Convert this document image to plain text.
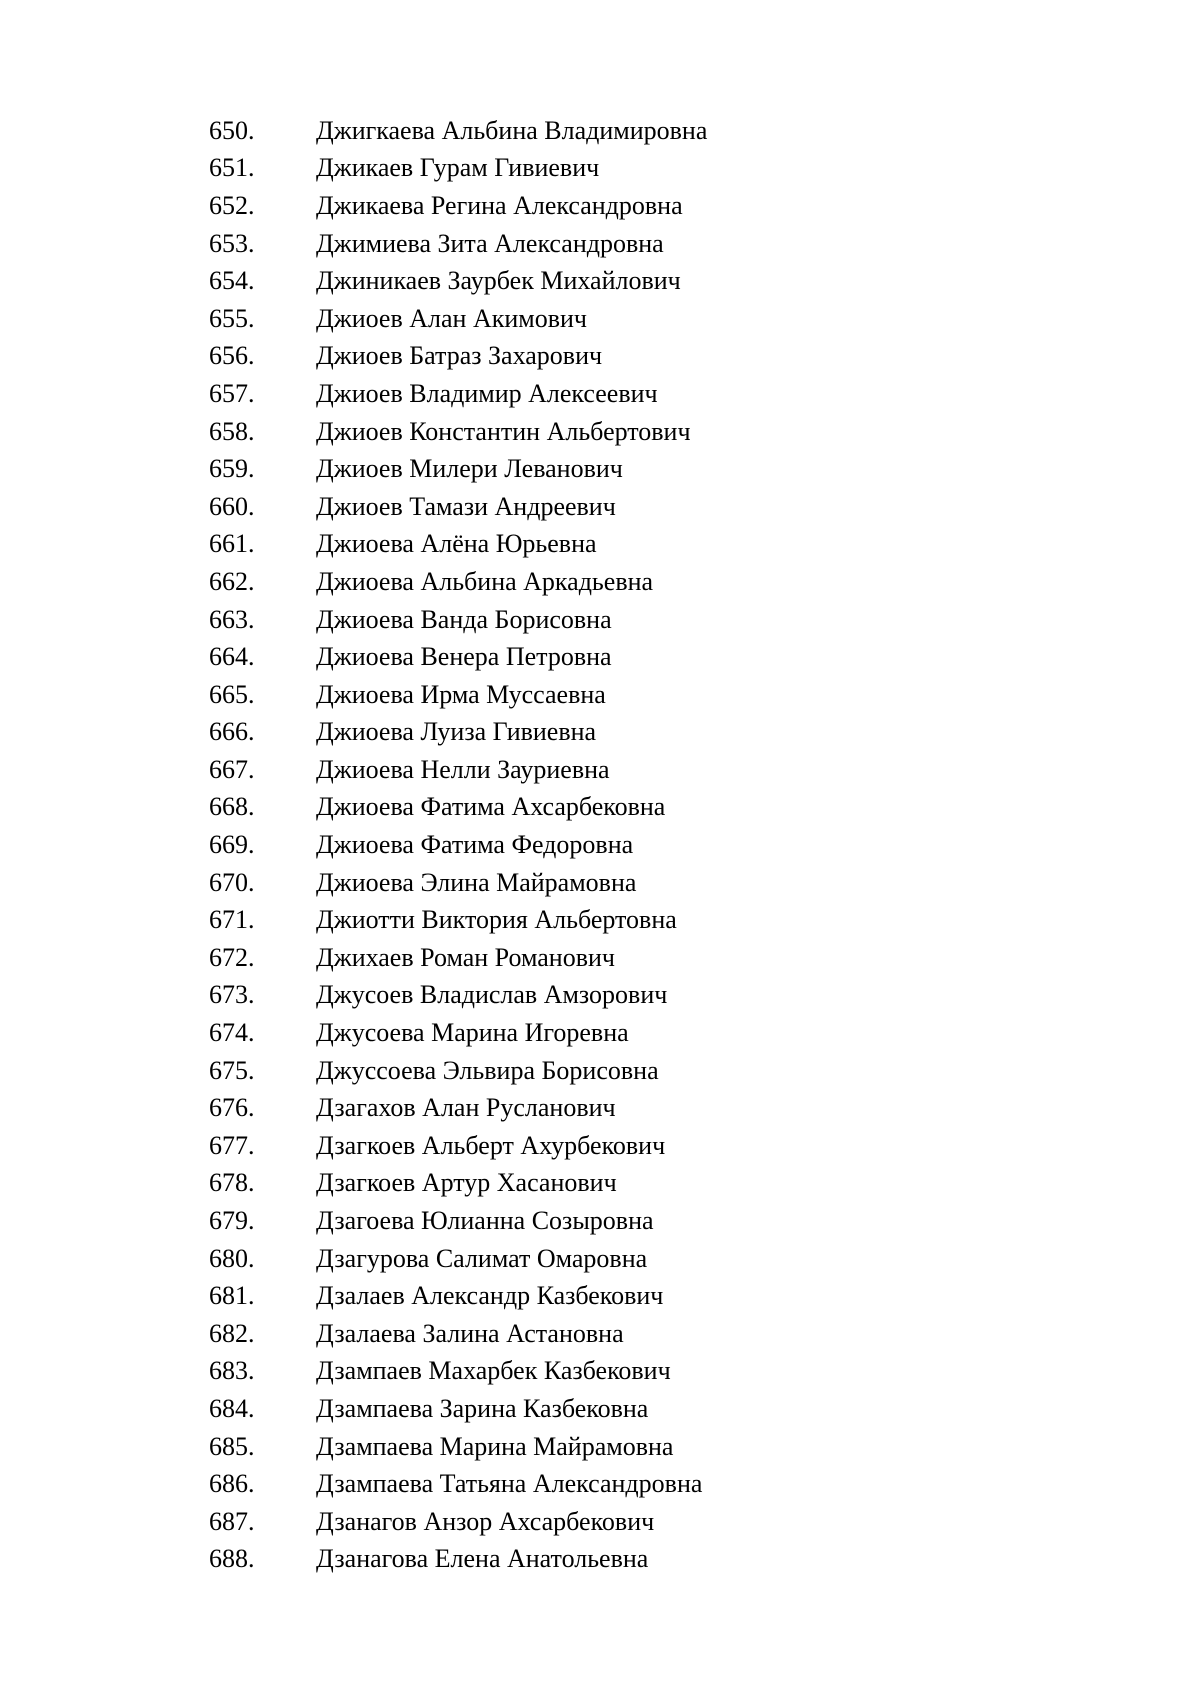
650.	Джигкаева Альбина Владимировна
651.	Джикаев Гурам Гивиевич
652.	Джикаева Регина Александровна
653.	Джимиева Зита Александровна
654.	Джиникаев Заурбек Михайлович
655.	Джиоев Алан Акимович
656.	Джиоев Батраз Захарович
657.	Джиоев Владимир Алексеевич
658.	Джиоев Константин Альбертович
659.	Джиоев Милери Леванович
660.	Джиоев Тамази Андреевич
661.	Джиоева Алёна Юрьевна
662.	Джиоева Альбина Аркадьевна
663.	Джиоева Ванда Борисовна
664.	Джиоева Венера Петровна
665.	Джиоева Ирма Муссаевна
666.	Джиоева Луиза Гивиевна
667.	Джиоева Нелли Зауриевна
668.	Джиоева Фатима Ахсарбековна
669.	Джиоева Фатима Федоровна
670.	Джиоева Элина Майрамовна
671.	Джиотти Виктория Альбертовна
672.	Джихаев Роман Романович
673.	Джусоев Владислав Амзорович
674.	Джусоева Марина Игоревна
675.	Джуссоева Эльвира Борисовна
676.	Дзагахов Алан Русланович
677.	Дзагкоев Альберт Ахурбекович
678.	Дзагкоев Артур Хасанович
679.	Дзагоева Юлианна Созыровна
680.	Дзагурова Салимат Омаровна
681.	Дзалаев Александр Казбекович
682.	Дзалаева Залина Астановна
683.	Дзампаев Махарбек Казбекович
684.	Дзампаева Зарина Казбековна
685.	Дзампаева Марина Майрамовна
686.	Дзампаева Татьяна Александровна
687.	Дзанагов Анзор Ахсарбекович
688.	Дзанагова Елена Анатольевна
